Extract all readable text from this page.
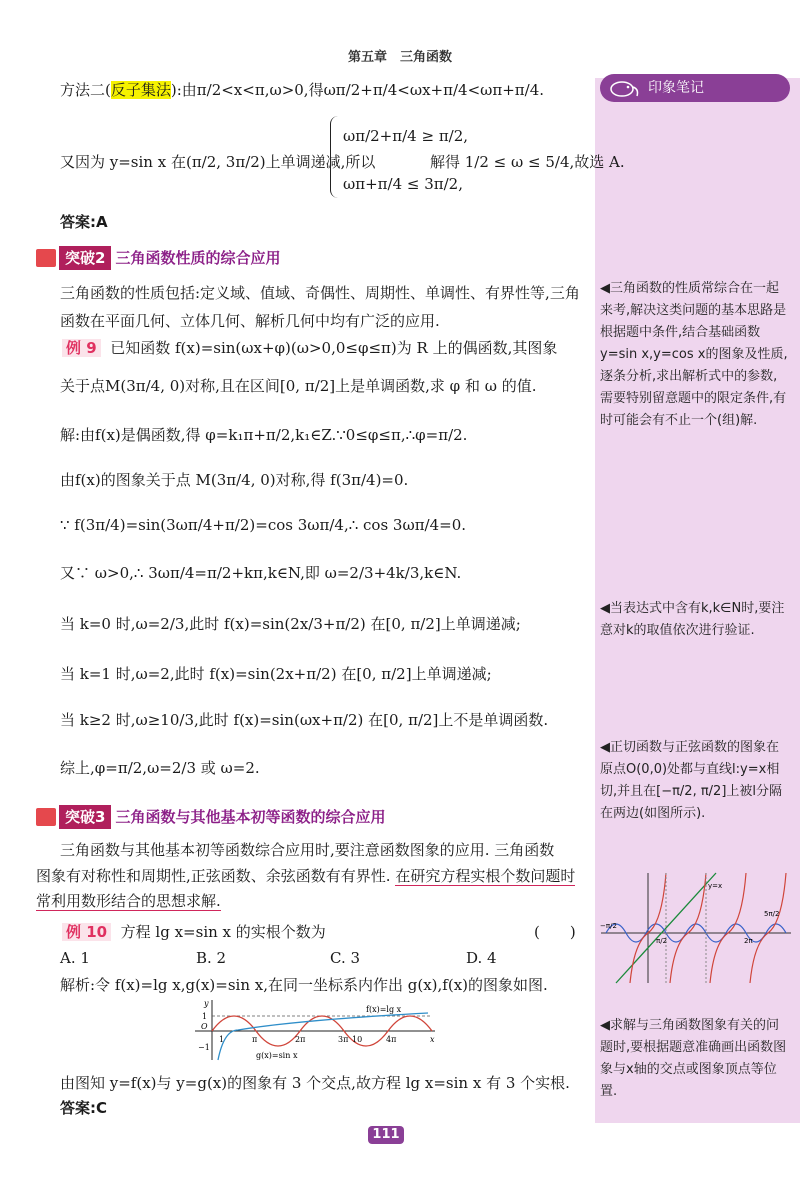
第五章　三角函数
印象笔记
◀三角函数的性质常综合在一起来考,解决这类问题的基本思路是根据题中条件,结合基础函数y=sin x,y=cos x的图象及性质,逐条分析,求出解析式中的参数,需要特别留意题中的限定条件,有时可能会有不止一个(组)解.
◀当表达式中含有k,k∈N时,要注意对k的取值依次进行验证.
◀正切函数与正弦函数的图象在原点O(0,0)处都与直线l:y=x相切,并且在[−π/2, π/2]上被l分隔在两边(如图所示).
y=x
−π/2
π/2	2π
5π/2
◀求解与三角函数图象有关的问题时,要根据题意准确画出函数图象与x轴的交点或图象顶点等位置.
方法二(反子集法):由π/2<x<π,ω>0,得ωπ/2+π/4<ωx+π/4<ωπ+π/4.
又因为 y=sin x 在(π/2, 3π/2)上单调递减,所以
ωπ/2+π/4 ≥ π/2,
ωπ+π/4 ≤ 3π/2,
解得 1/2 ≤ ω ≤ 5/4,故选 A.
答案:A
突破2 三角函数性质的综合应用
三角函数的性质包括:定义域、值域、奇偶性、周期性、单调性、有界性等,三角函数在平面几何、立体几何、解析几何中均有广泛的应用.
例 9 已知函数 f(x)=sin(ωx+φ)(ω>0,0≤φ≤π)为 R 上的偶函数,其图象
关于点M(3π/4, 0)对称,且在区间[0, π/2]上是单调函数,求 φ 和 ω 的值.
解:由f(x)是偶函数,得 φ=k₁π+π/2,k₁∈Z.∵0≤φ≤π,∴φ=π/2.
由f(x)的图象关于点 M(3π/4, 0)对称,得 f(3π/4)=0.
∵ f(3π/4)=sin(3ωπ/4+π/2)=cos 3ωπ/4,∴ cos 3ωπ/4=0.
又∵ ω>0,∴ 3ωπ/4=π/2+kπ,k∈N,即 ω=2/3+4k/3,k∈N.
当 k=0 时,ω=2/3,此时 f(x)=sin(2x/3+π/2) 在[0, π/2]上单调递减;
当 k=1 时,ω=2,此时 f(x)=sin(2x+π/2) 在[0, π/2]上单调递减;
当 k≥2 时,ω≥10/3,此时 f(x)=sin(ωx+π/2) 在[0, π/2]上不是单调函数.
综上,φ=π/2,ω=2/3 或 ω=2.
突破3 三角函数与其他基本初等函数的综合应用
三角函数与其他基本初等函数综合应用时,要注意函数图象的应用. 三角函数
图象有对称性和周期性,正弦函数、余弦函数有有界性. 在研究方程实根个数问题时
常利用数形结合的思想求解.
例 10 方程 lg x=sin x 的实根个数为	(　　)
A. 1	B. 2	C. 3	D. 4
解析:令 f(x)=lg x,g(x)=sin x,在同一坐标系内作出 g(x),f(x)的图象如图.
y
1
O
−1
x
1	π	2π	3π 10	4π
f(x)=lg x
g(x)=sin x
由图知 y=f(x)与 y=g(x)的图象有 3 个交点,故方程 lg x=sin x 有 3 个实根.
答案:C
111
